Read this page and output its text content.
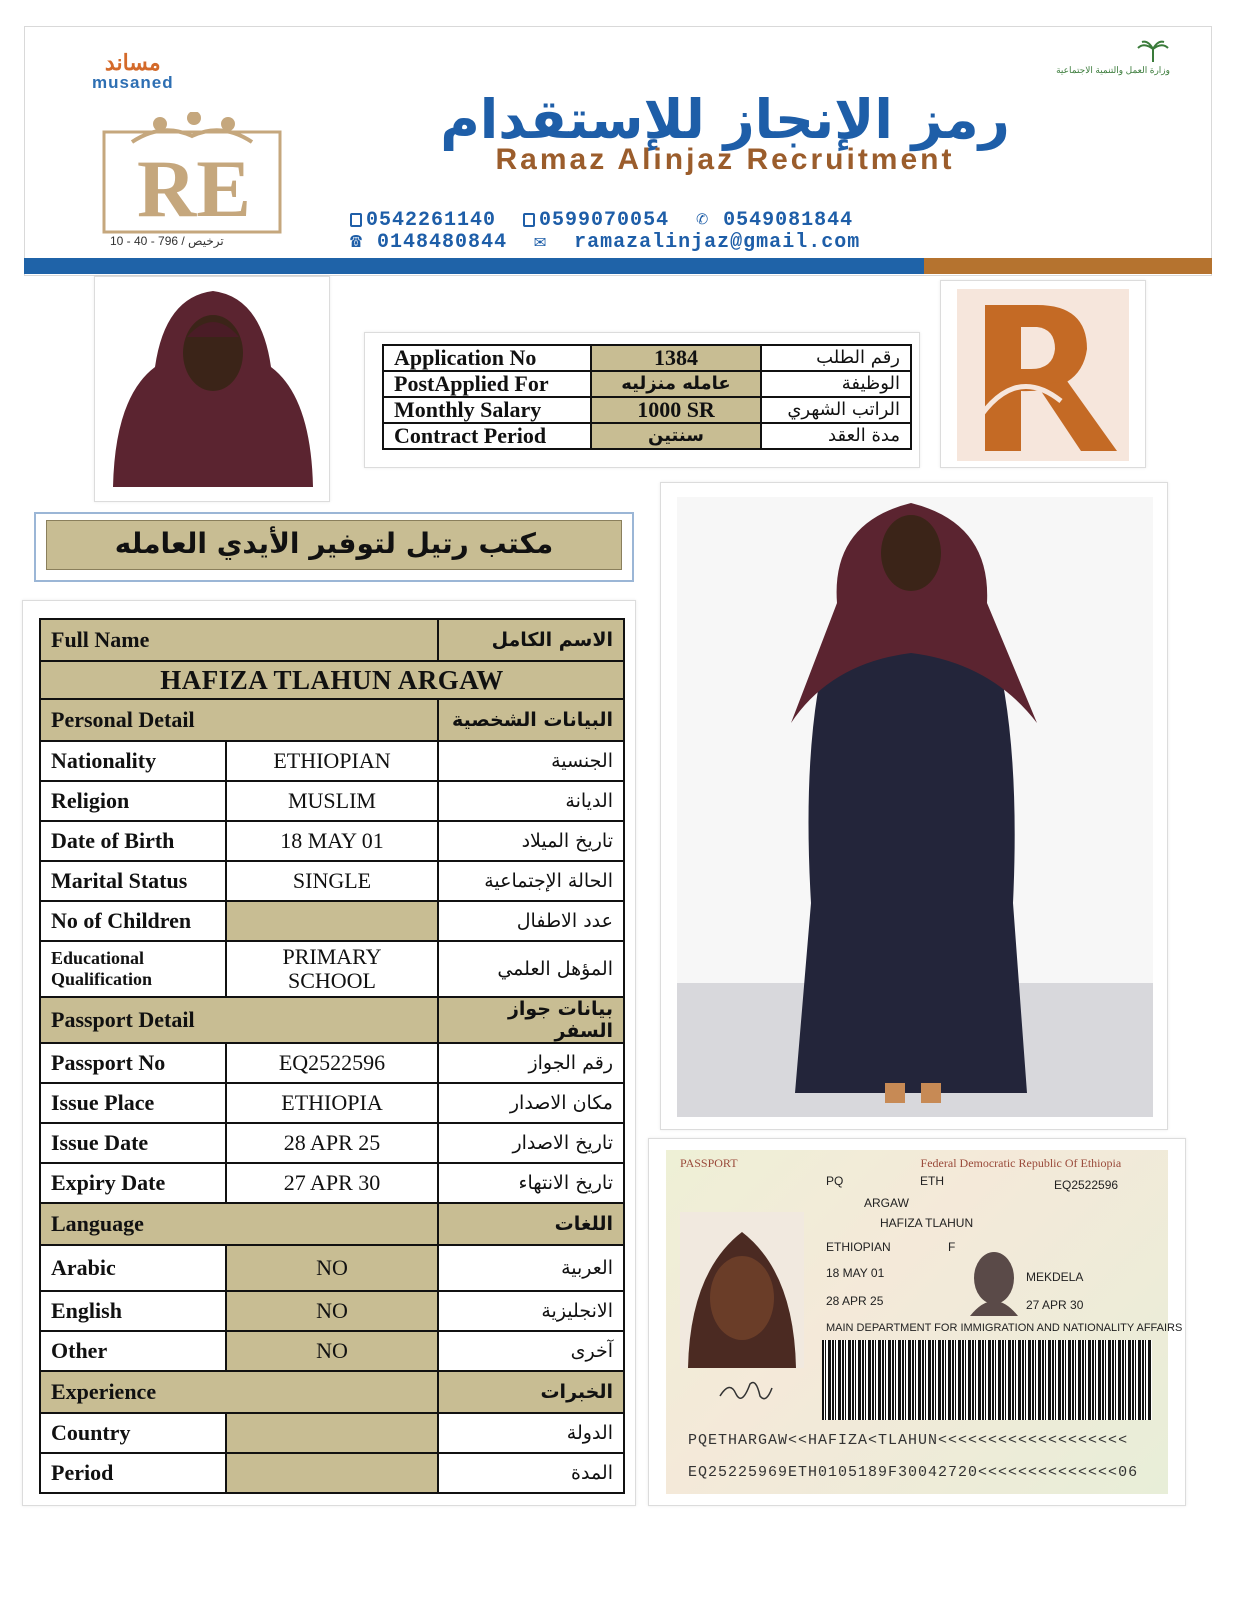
مساند
musaned

وزارة العمل والتنمية الاجتماعية
RE
10 - 40 - 796 / ترخيص
رمز الإنجاز للإستقدام
Ramaz Alinjaz Recruitment
0542261140 0599070054 ✆ 0549081844
☎ 0148480844 ✉ ramazalinjaz@gmail.com
Application No	1384	رقم الطلب
PostApplied For	عامله منزليه	الوظيفة
Monthly Salary	1000 SR	الراتب الشهري
Contract Period	سنتين	مدة العقد
مكتب رتيل لتوفير الأيدي العامله
Full Name		الاسم الكامل
HAFIZA TLAHUN ARGAW		
Personal Detail		البيانات الشخصية
Nationality	ETHIOPIAN	الجنسية
Religion	MUSLIM	الديانة
Date of Birth	18 MAY 01	تاريخ الميلاد
Marital Status	SINGLE	الحالة الإجتماعية
No of Children		عدد الاطفال
Educational Qualification	PRIMARY SCHOOL	المؤهل العلمي
Passport Detail		بيانات جواز السفر
Passport No	EQ2522596	رقم الجواز
Issue Place	ETHIOPIA	مكان الاصدار
Issue Date	28 APR 25	تاريخ الاصدار
Expiry Date	27 APR 30	تاريخ الانتهاء
Language		اللغات
Arabic	NO	العربية
English	NO	الانجليزية
Other	NO	آخرى
Experience		الخبرات
Country		الدولة
Period		المدة
PASSPORT	Federal Democratic Republic Of Ethiopia
PQ	ETH	EQ2522596
ARGAW
HAFIZA TLAHUN
ETHIOPIAN	F
18 MAY 01	MEKDELA
28 APR 25	27 APR 30
MAIN DEPARTMENT FOR IMMIGRATION AND NATIONALITY AFFAIRS
PQETHARGAW<<HAFIZA<TLAHUN<<<<<<<<<<<<<<<<<<<
EQ25225969ETH0105189F30042720<<<<<<<<<<<<<<06
